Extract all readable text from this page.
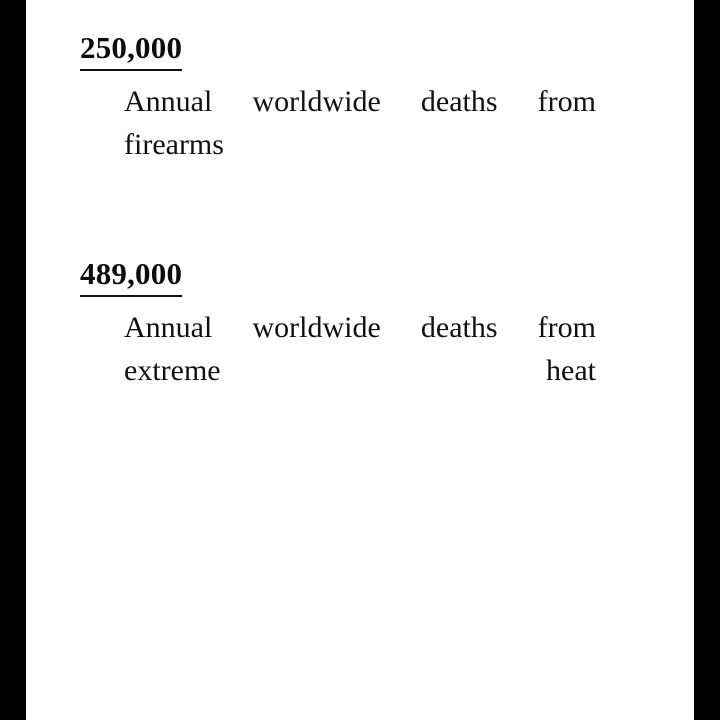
250,000
Annual worldwide deaths from firearms
489,000
Annual worldwide deaths from extreme heat
